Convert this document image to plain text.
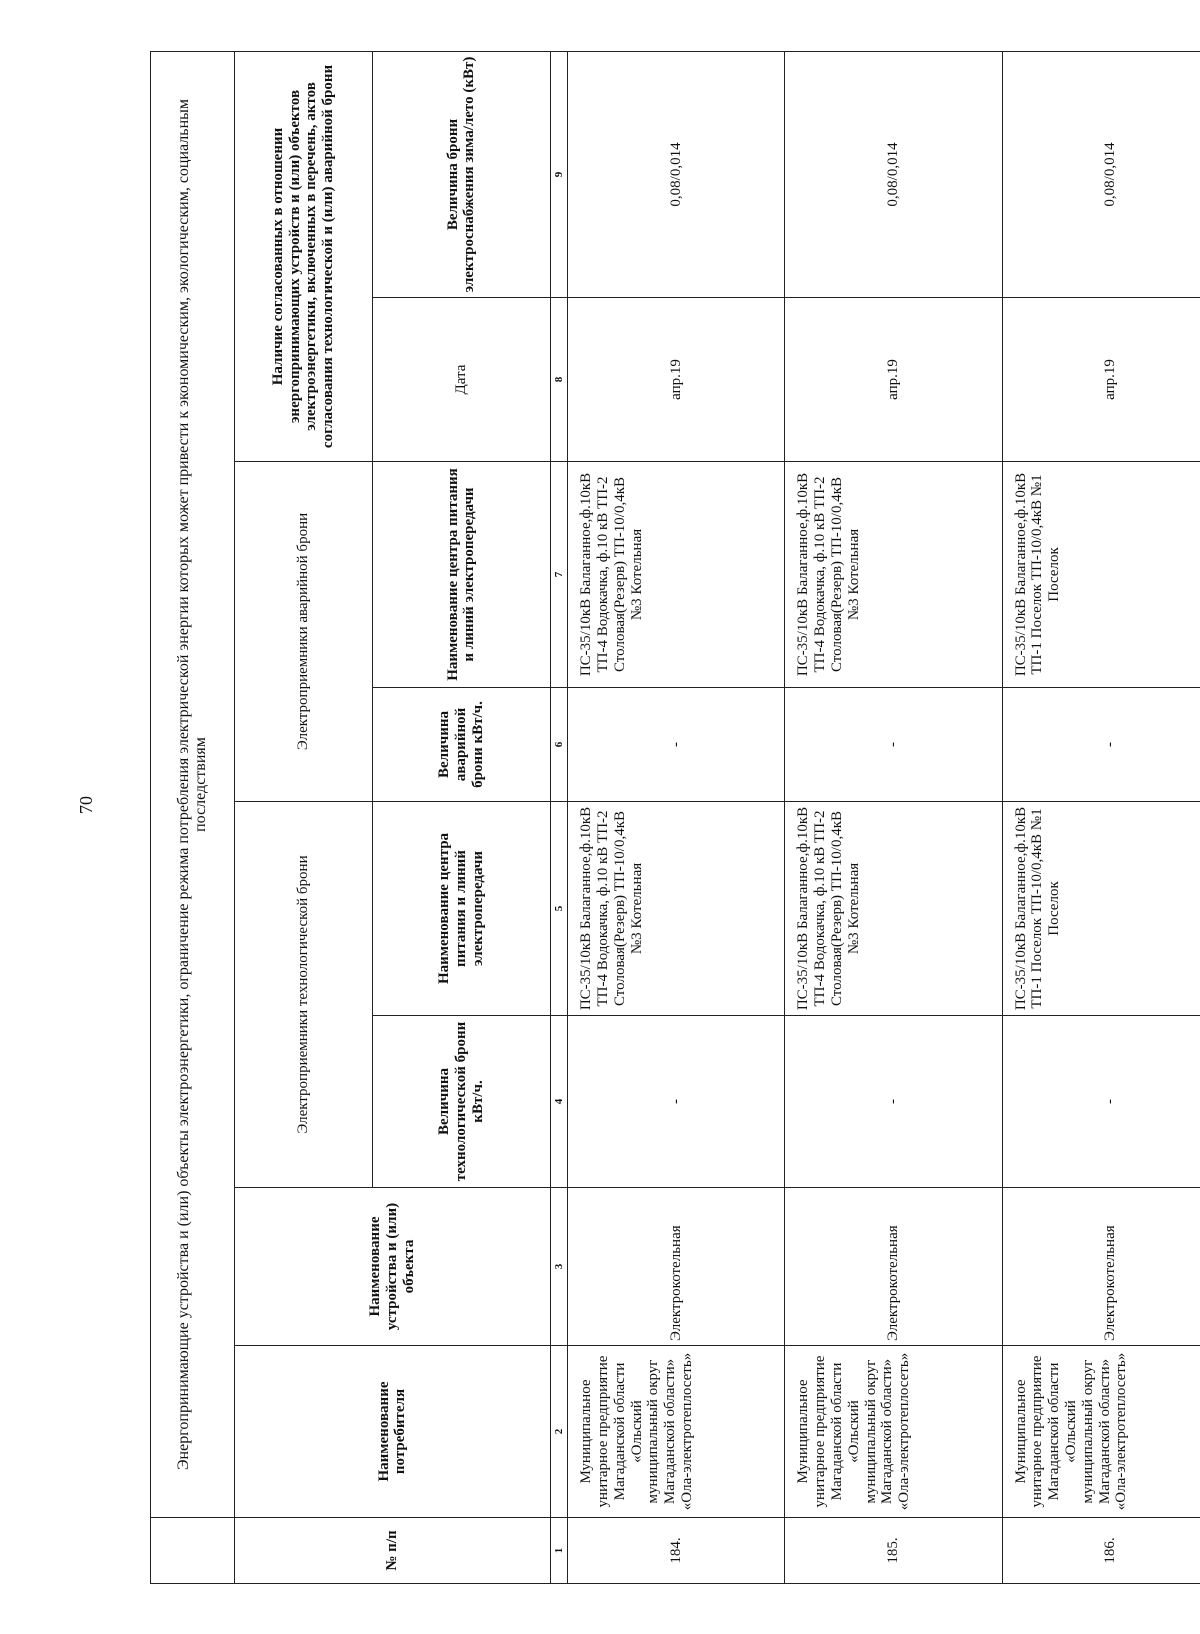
70
		Энергопринимающие устройства и (или) объекты электроэнергетики, ограничение режима потребления электрической энергии которых может привести к экономическим, экологическим, социальным последствиям							
№ п/п	Наименование потребителя	Наименование устройства и (или) объекта	Электроприемники технологической брони		Электроприемники аварийной брони		Наличие согласованных в отношении энергопринимающих устройств и (или) объектов электроэнергетики, включенных в перечень, актов согласования технологической и (или) аварийной брони	
			Величина технологической брони кВт/ч.	Наименование центра питания и линий электропередачи	Величина аварийной брони кВт/ч.	Наименование центра питания и линий электропередачи	Дата	Величина брони электроснабжения зима/лето (кВт)
1	2	3	4	5	6	7	8	9
184.	Муниципальное унитарное предприятие Магаданской области «Ольский муниципальный округ Магаданской области» «Ола-электротеплосеть»	Электрокотельная	-	ПС-35/10кВ Балаганное,ф.10кВ ТП-4 Водокачка, ф.10 кВ ТП-2 Столовая(Резерв) ТП-10/0,4кВ №3 Котельная	-	ПС-35/10кВ Балаганное,ф.10кВ ТП-4 Водокачка, ф.10 кВ ТП-2 Столовая(Резерв) ТП-10/0,4кВ №3 Котельная	апр.19	0,08/0,014
185.	Муниципальное унитарное предприятие Магаданской области «Ольский муниципальный округ Магаданской области» «Ола-электротеплосеть»	Электрокотельная	-	ПС-35/10кВ Балаганное,ф.10кВ ТП-4 Водокачка, ф.10 кВ ТП-2 Столовая(Резерв) ТП-10/0,4кВ №3 Котельная	-	ПС-35/10кВ Балаганное,ф.10кВ ТП-4 Водокачка, ф.10 кВ ТП-2 Столовая(Резерв) ТП-10/0,4кВ №3 Котельная	апр.19	0,08/0,014
186.	Муниципальное унитарное предприятие Магаданской области «Ольский муниципальный округ Магаданской области» «Ола-электротеплосеть»	Электрокотельная	-	ПС-35/10кВ Балаганное,ф.10кВ ТП-1 Поселок ТП-10/0,4кВ №1 Поселок	-	ПС-35/10кВ Балаганное,ф.10кВ ТП-1 Поселок ТП-10/0,4кВ №1 Поселок	апр.19	0,08/0,014
